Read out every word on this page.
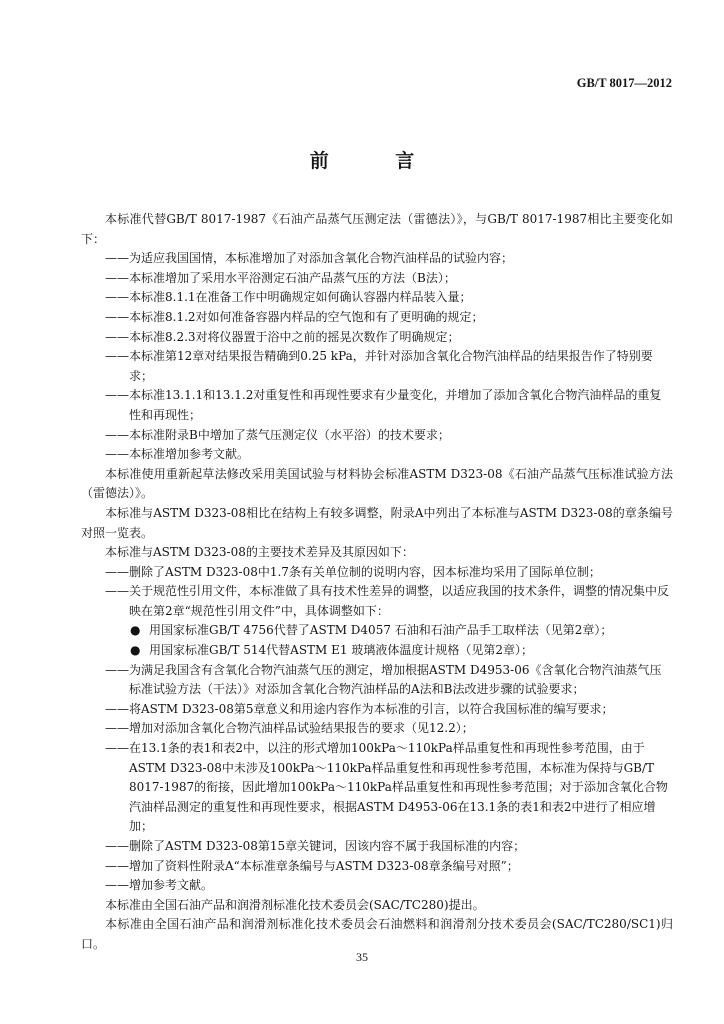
GB/T 8017—2012
前 言

本标准代替GB/T 8017-1987《石油产品蒸气压测定法（雷德法）》，与GB/T 8017-1987相比主要变化如下：

——为适应我国国情，本标准增加了对添加含氧化合物汽油样品的试验内容；

——本标准增加了采用水平浴测定石油产品蒸气压的方法（B法）；

——本标准8.1.1在准备工作中明确规定如何确认容器内样品装入量；

——本标准8.1.2对如何准备容器内样品的空气饱和有了更明确的规定；

——本标准8.2.3对将仪器置于浴中之前的摇晃次数作了明确规定；

——本标准第12章对结果报告精确到0.25 kPa，并针对添加含氧化合物汽油样品的结果报告作了特别要求；

——本标准13.1.1和13.1.2对重复性和再现性要求有少量变化，并增加了添加含氧化合物汽油样品的重复性和再现性；

——本标准附录B中增加了蒸气压测定仪（水平浴）的技术要求；

——本标准增加参考文献。

本标准使用重新起草法修改采用美国试验与材料协会标准ASTM D323-08《石油产品蒸气压标准试验方法（雷德法）》。

本标准与ASTM D323-08相比在结构上有较多调整，附录A中列出了本标准与ASTM D323-08的章条编号对照一览表。

本标准与ASTM D323-08的主要技术差异及其原因如下：

——删除了ASTM D323-08中1.7条有关单位制的说明内容，因本标准均采用了国际单位制；

——关于规范性引用文件，本标准做了具有技术性差异的调整，以适应我国的技术条件，调整的情况集中反映在第2章“规范性引用文件”中，具体调整如下：

● 用国家标准GB/T 4756代替了ASTM D4057 石油和石油产品手工取样法（见第2章）；

● 用国家标准GB/T 514代替ASTM E1 玻璃液体温度计规格（见第2章）；

——为满足我国含有含氧化合物汽油蒸气压的测定，增加根据ASTM D4953-06《含氧化合物汽油蒸气压标准试验方法（干法）》对添加含氧化合物汽油样品的A法和B法改进步骤的试验要求；

——将ASTM D323-08第5章意义和用途内容作为本标准的引言，以符合我国标准的编写要求；

——增加对添加含氧化合物汽油样品试验结果报告的要求（见12.2）；

——在13.1条的表1和表2中，以注的形式增加100kPa～110kPa样品重复性和再现性参考范围，由于ASTM D323-08中未涉及100kPa～110kPa样品重复性和再现性参考范围，本标准为保持与GB/T 8017-1987的衔接，因此增加100kPa～110kPa样品重复性和再现性参考范围；对于添加含氧化合物汽油样品测定的重复性和再现性要求，根据ASTM D4953-06在13.1条的表1和表2中进行了相应增加；

——删除了ASTM D323-08第15章关键词，因该内容不属于我国标准的内容；

——增加了资料性附录A“本标准章条编号与ASTM D323-08章条编号对照”；

——增加参考文献。

本标准由全国石油产品和润滑剂标准化技术委员会(SAC/TC280)提出。

本标准由全国石油产品和润滑剂标准化技术委员会石油燃料和润滑剂分技术委员会(SAC/TC280/SC1)归口。

35
